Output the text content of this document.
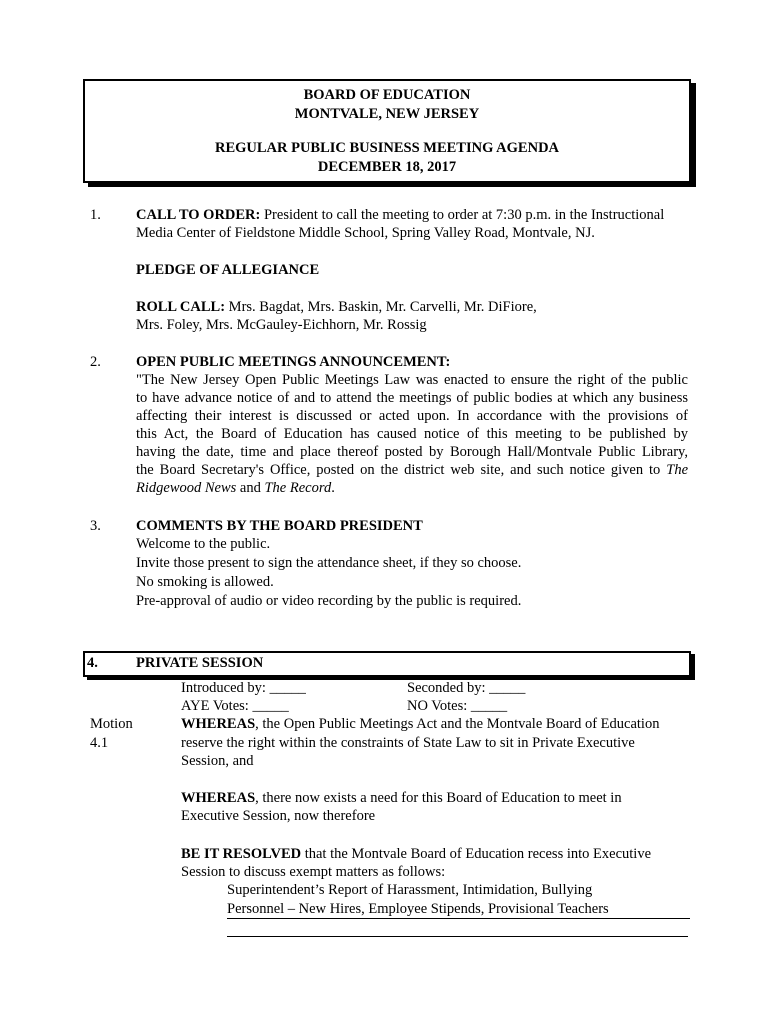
BOARD OF EDUCATION
MONTVALE, NEW JERSEY
REGULAR PUBLIC BUSINESS MEETING AGENDA
DECEMBER 18, 2017
1. CALL TO ORDER: President to call the meeting to order at 7:30 p.m. in the Instructional
Media Center of Fieldstone Middle School, Spring Valley Road, Montvale, NJ.
PLEDGE OF ALLEGIANCE
ROLL CALL: Mrs. Bagdat, Mrs. Baskin, Mr. Carvelli, Mr. DiFiore,
Mrs. Foley, Mrs. McGauley-Eichhorn, Mr. Rossig
2. OPEN PUBLIC MEETINGS ANNOUNCEMENT:
"The New Jersey Open Public Meetings Law was enacted to ensure the right of the public
to have advance notice of and to attend the meetings of public bodies at which any business
affecting their interest is discussed or acted upon. In accordance with the provisions of
this Act, the Board of Education has caused notice of this meeting to be published by
having the date, time and place thereof posted by Borough Hall/Montvale Public Library,
the Board Secretary's Office, posted on the district web site, and such notice given to The
Ridgewood News and The Record.
3. COMMENTS BY THE BOARD PRESIDENT
Welcome to the public.
Invite those present to sign the attendance sheet, if they so choose.
No smoking is allowed.
Pre-approval of audio or video recording by the public is required.
4.	PRIVATE SESSION
Introduced by: _____	Seconded by: _____
AYE Votes: _____	NO Votes: _____
Motion
4.1
WHEREAS, the Open Public Meetings Act and the Montvale Board of Education
reserve the right within the constraints of State Law to sit in Private Executive
Session, and
WHEREAS, there now exists a need for this Board of Education to meet in
Executive Session, now therefore
BE IT RESOLVED that the Montvale Board of Education recess into Executive
Session to discuss exempt matters as follows:
Superintendent’s Report of Harassment, Intimidation, Bullying
Personnel – New Hires, Employee Stipends, Provisional Teachers
